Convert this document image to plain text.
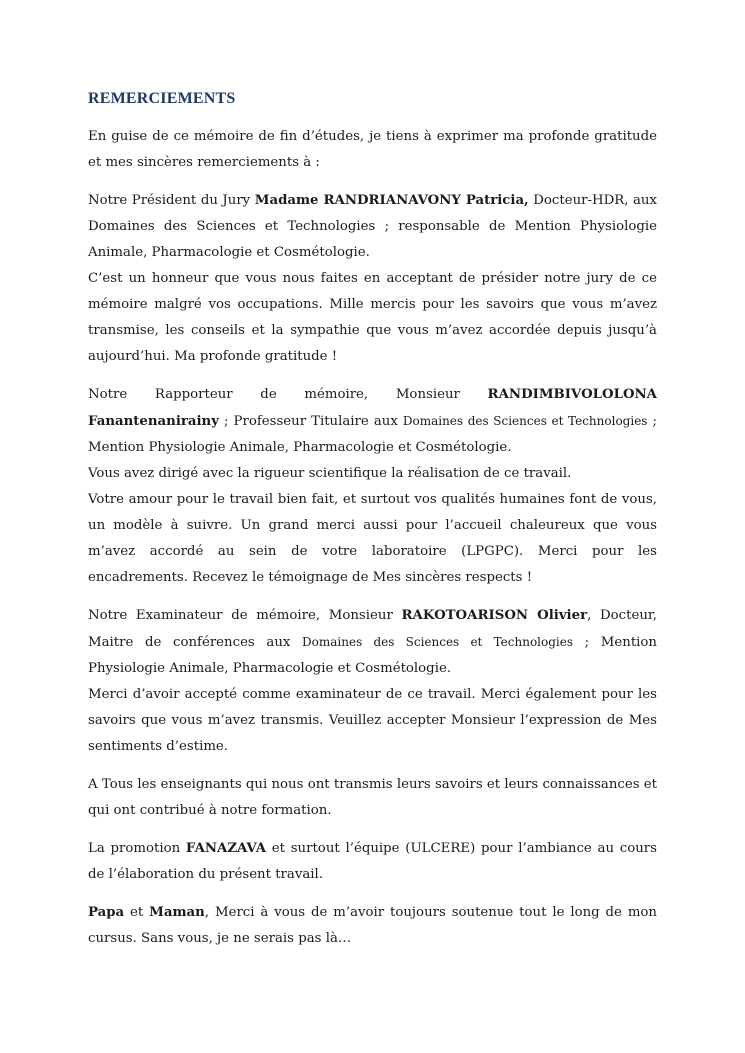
REMERCIEMENTS

En guise de ce mémoire de fin d’études, je tiens à exprimer ma profonde gratitude et mes sincères remerciements à :

Notre Président du Jury Madame RANDRIANAVONY Patricia, Docteur-HDR, aux Domaines des Sciences et Technologies ; responsable de Mention Physiologie Animale, Pharmacologie et Cosmétologie.

C’est un honneur que vous nous faites en acceptant de présider notre jury de ce mémoire malgré vos occupations. Mille mercis pour les savoirs que vous m’avez transmise, les conseils et la sympathie que vous m’avez accordée depuis jusqu’à aujourd’hui. Ma profonde gratitude !

Notre Rapporteur de mémoire, Monsieur RANDIMBIVOLOLONA Fanantenanirainy ; Professeur Titulaire aux Domaines des Sciences et Technologies ; Mention Physiologie Animale, Pharmacologie et Cosmétologie.

Vous avez dirigé avec la rigueur scientifique la réalisation de ce travail.

Votre amour pour le travail bien fait, et surtout vos qualités humaines font de vous, un modèle à suivre. Un grand merci aussi pour l’accueil chaleureux que vous m’avez accordé au sein de votre laboratoire (LPGPC). Merci pour les encadrements. Recevez le témoignage de Mes sincères respects !

Notre Examinateur de mémoire, Monsieur RAKOTOARISON Olivier, Docteur, Maitre de conférences aux Domaines des Sciences et Technologies ; Mention Physiologie Animale, Pharmacologie et Cosmétologie.

Merci d’avoir accepté comme examinateur de ce travail. Merci également pour les savoirs que vous m’avez transmis. Veuillez accepter Monsieur l’expression de Mes sentiments d’estime.

A Tous les enseignants qui nous ont transmis leurs savoirs et leurs connaissances et qui ont contribué à notre formation.

La promotion FANAZAVA et surtout l’équipe (ULCERE) pour l’ambiance au cours de l’élaboration du présent travail.

Papa et Maman, Merci à vous de m’avoir toujours soutenue tout le long de mon cursus. Sans vous, je ne serais pas là…
